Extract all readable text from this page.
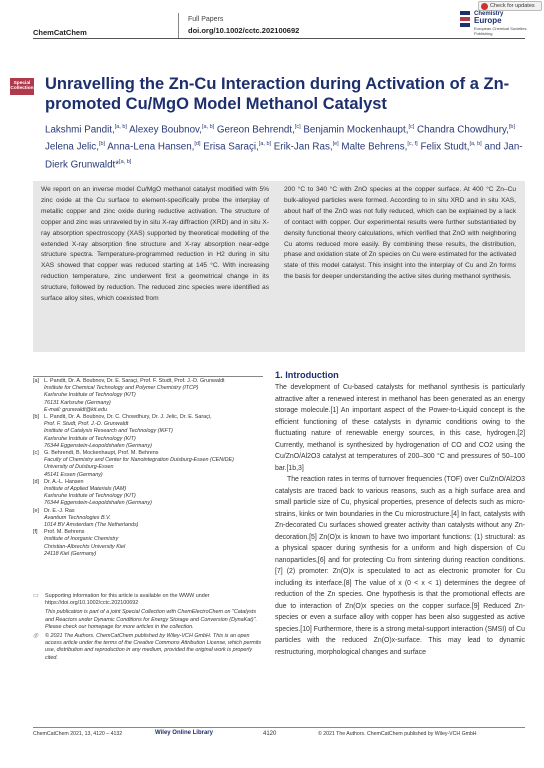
ChemCatChem
Full Papers
doi.org/10.1002/cctc.202100692
Check for updates
Chemistry
Europe
European Chemical Societies Publishing
Special Collection Unravelling the Zn-Cu Interaction during Activation of a Zn-promoted Cu/MgO Model Methanol Catalyst
Lakshmi Pandit,[a, b] Alexey Boubnov,[a, b] Gereon Behrendt,[c] Benjamin Mockenhaupt,[c] Chandra Chowdhury,[b] Jelena Jelic,[b] Anna-Lena Hansen,[d] Erisa Saraçi,[a, b] Erik-Jan Ras,[e] Malte Behrens,[c, f] Felix Studt,[a, b] and Jan-Dierk Grunwaldt*[a, b]
We report on an inverse model Cu/MgO methanol catalyst modified with 5% zinc oxide at the Cu surface to element-specifically probe the interplay of metallic copper and zinc oxide during reductive activation. The structure of copper and zinc was unraveled by in situ X-ray diffraction (XRD) and in situ X-ray absorption spectroscopy (XAS) supported by theoretical modelling of the extended X-ray absorption fine structure and X-ray absorption near-edge structure spectra. Temperature-programmed reduction in H2 during in situ XAS showed that copper was reduced starting at 145 °C. With increasing reduction temperature, zinc underwent first a geometrical change in its structure, followed by reduction. The reduced zinc species were identified as surface alloy sites, which coexisted from
200 °C to 340 °C with ZnO species at the copper surface. At 400 °C Zn–Cu bulk-alloyed particles were formed. According to in situ XRD and in situ XAS, about half of the ZnO was not fully reduced, which can be explained by a lack of contact with copper. Our experimental results were further substantiated by density functional theory calculations, which verified that ZnO with neighboring Cu atoms reduced more easily. By combining these results, the distribution, phase and oxidation state of Zn species on Cu were estimated for the activated state of this model catalyst. This insight into the interplay of Cu and Zn forms the basis for deeper understanding the active sites during methanol synthesis.
1. Introduction

The development of Cu-based catalysts for methanol synthesis is particularly attractive after a renewed interest in methanol has been generated as an energy storage molecule.[1] An important aspect of the Power-to-Liquid concept is the efficient functioning of these catalysts in dynamic conditions owing to the fluctuating nature of renewable energy sources, in this case, hydrogen.[2] Currently, methanol is synthesized by hydrogenation of CO and CO2 using the Cu/ZnO/Al2O3 catalyst at temperatures of 200–300 °C and pressures of 50–100 bar.[1b,3]

The reaction rates in terms of turnover frequencies (TOF) over Cu/ZnO/Al2O3 catalysts are traced back to various reasons, such as a high surface area and small particle size of Cu, physical properties, presence of defects such as micro-strains, kinks or twin boundaries in the Cu microstructure.[4] In fact, catalysts with Zn-decorated Cu surfaces showed greater activity than catalysts without any Zn-decoration.[5] Zn(O)x is known to have two important functions: (1) structural: as a physical spacer during synthesis for a uniform and high dispersion of Cu nanoparticles,[6] and for protecting Cu from sintering during reaction conditions.[7] (2) promoter: Zn(O)x is speculated to act as electronic promoter for Cu including its interface.[8] The value of x (0 < x < 1) determines the degree of reduction of the Zn species. One hypothesis is that the promotional effects are due to interaction of Zn(O)x species on the copper surface.[9] Reduced Zn-species or even a surface alloy with copper has been also suggested as active species.[10] Furthermore, there is a strong metal-support interaction (SMSI) of Cu particles with the reduced Zn(O)x-surface. This may lead to dynamic restructuring, morphological changes and surface

[a] L. Pandit, Dr. A. Boubnov, Dr. E. Saraçi, Prof. F. Studt, Prof. J.-D. Grunwaldt
Institute for Chemical Technology and Polymer Chemistry (ITCP)
Karlsruhe Institute of Technology (KIT)
76131 Karlsruhe (Germany)
E-mail: grunwaldt@kit.edu
[b] L. Pandit, Dr. A. Boubnov, Dr. C. Chowdhury, Dr. J. Jelic, Dr. E. Saraçi,
Prof. F. Studt, Prof. J.-D. Grunwaldt
Institute of Catalysis Research and Technology (IKFT)
Karlsruhe Institute of Technology (KIT)
76344 Eggenstein-Leopoldshafen (Germany)
[c] G. Behrendt, B. Mockenhaupt, Prof. M. Behrens
Faculty of Chemistry and Center for Nanointegration Duisburg-Essen (CENIDE)
University of Duisburg-Essen
45141 Essen (Germany)
[d] Dr. A.-L. Hansen
Institute of Applied Materials (IAM)
Karlsruhe Institute of Technology (KIT)
76344 Eggenstein-Leopoldshafen (Germany)
[e] Dr. E.-J. Ras
Avantium Technologies B.V.
1014 BV Amsterdam (The Netherlands)
[f]	Prof. M. Behrens
Institute of Inorganic Chemistry
Christian-Albrechts University Kiel
24118 Kiel (Germany)
▭	Supporting information for this article is available on the WWW under https://doi.org/10.1002/cctc.202100692
This publication is part of a joint Special Collection with ChemElectroChem on "Catalysts and Reactors under Dynamic Conditions for Energy Storage and Conversion (DynaKat)". Please check our homepage for more articles in the collection.
◎	© 2021 The Authors. ChemCatChem published by Wiley-VCH GmbH. This is an open access article under the terms of the Creative Commons Attribution License, which permits use, distribution and reproduction in any medium, provided the original work is properly cited.
ChemCatChem 2021, 13, 4120 – 4132	Wiley Online Library	4120	© 2021 The Authors. ChemCatChem published by Wiley-VCH GmbH
